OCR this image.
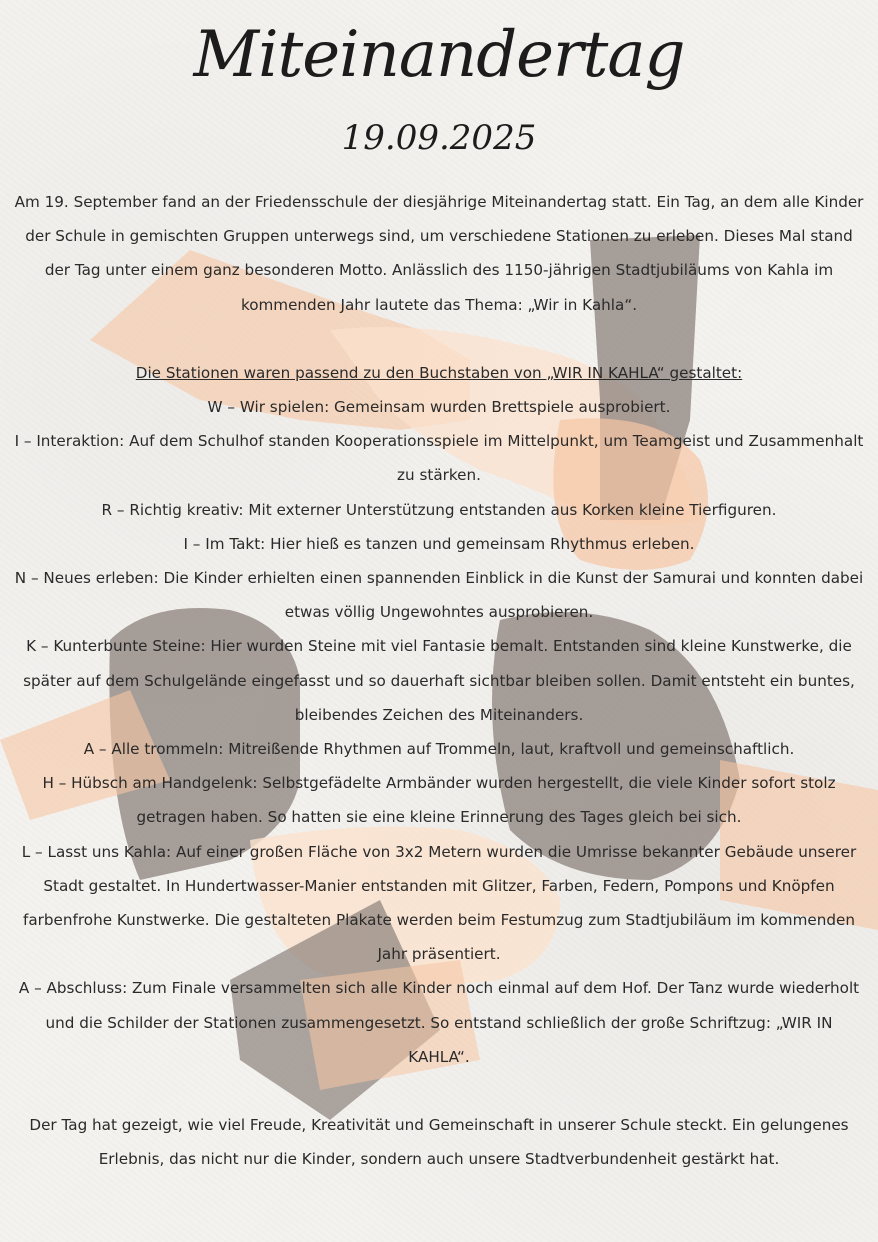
Miteinandertag
19.09.2025

Am 19. September fand an der Friedensschule der diesjährige Miteinandertag statt. Ein Tag, an dem alle Kinder der Schule in gemischten Gruppen unterwegs sind, um verschiedene Stationen zu erleben. Dieses Mal stand der Tag unter einem ganz besonderen Motto. Anlässlich des 1150-jährigen Stadtjubiläums von Kahla im kommenden Jahr lautete das Thema: „Wir in Kahla“.

Die Stationen waren passend zu den Buchstaben von „WIR IN KAHLA“ gestaltet:

W – Wir spielen: Gemeinsam wurden Brettspiele ausprobiert.

I – Interaktion: Auf dem Schulhof standen Kooperationsspiele im Mittelpunkt, um Teamgeist und Zusammenhalt zu stärken.

R – Richtig kreativ: Mit externer Unterstützung entstanden aus Korken kleine Tierfiguren.

I – Im Takt: Hier hieß es tanzen und gemeinsam Rhythmus erleben.

N – Neues erleben: Die Kinder erhielten einen spannenden Einblick in die Kunst der Samurai und konnten dabei etwas völlig Ungewohntes ausprobieren.

K – Kunterbunte Steine: Hier wurden Steine mit viel Fantasie bemalt. Entstanden sind kleine Kunstwerke, die später auf dem Schulgelände eingefasst und so dauerhaft sichtbar bleiben sollen. Damit entsteht ein buntes, bleibendes Zeichen des Miteinanders.

A – Alle trommeln: Mitreißende Rhythmen auf Trommeln, laut, kraftvoll und gemeinschaftlich.

H – Hübsch am Handgelenk: Selbstgefädelte Armbänder wurden hergestellt, die viele Kinder sofort stolz getragen haben. So hatten sie eine kleine Erinnerung des Tages gleich bei sich.

L – Lasst uns Kahla: Auf einer großen Fläche von 3x2 Metern wurden die Umrisse bekannter Gebäude unserer Stadt gestaltet. In Hundertwasser-Manier entstanden mit Glitzer, Farben, Federn, Pompons und Knöpfen farbenfrohe Kunstwerke. Die gestalteten Plakate werden beim Festumzug zum Stadtjubiläum im kommenden Jahr präsentiert.

A – Abschluss: Zum Finale versammelten sich alle Kinder noch einmal auf dem Hof. Der Tanz wurde wiederholt und die Schilder der Stationen zusammengesetzt. So entstand schließlich der große Schriftzug: „WIR IN KAHLA“.

Der Tag hat gezeigt, wie viel Freude, Kreativität und Gemeinschaft in unserer Schule steckt. Ein gelungenes Erlebnis, das nicht nur die Kinder, sondern auch unsere Stadtverbundenheit gestärkt hat.
